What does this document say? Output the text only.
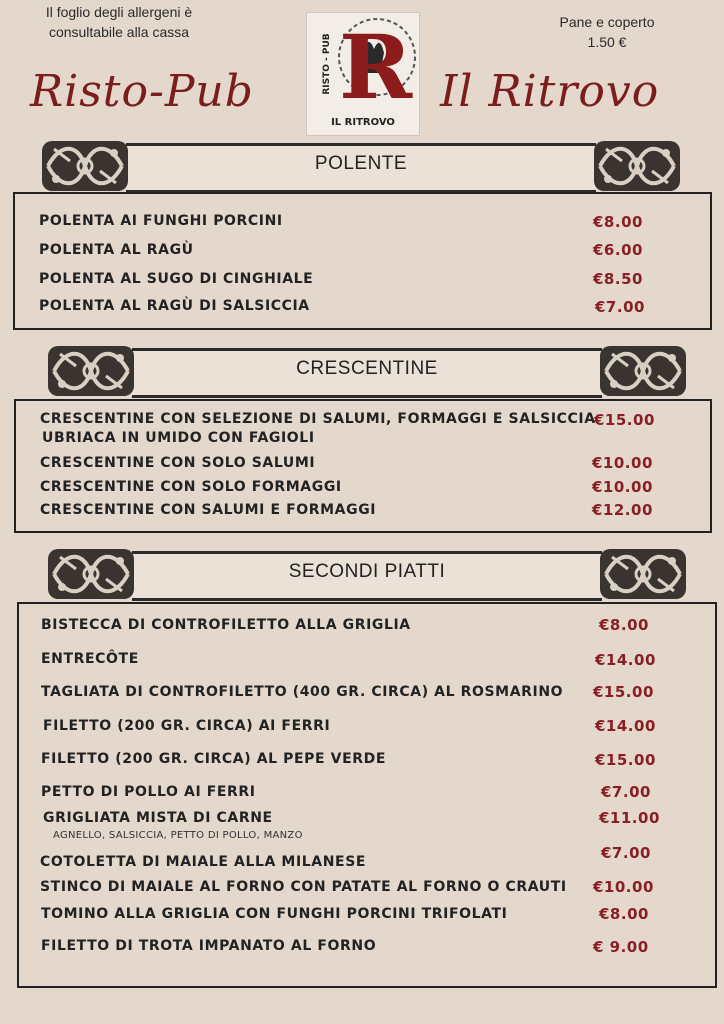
Il foglio degli allergeni è
consultabile alla cassa
Pane e coperto
1.50 €
Risto-Pub	Il Ritrovo
R
RISTO - PUB
IL RITROVO
POLENTE
POLENTA AI FUNGHI PORCINI	€8.00
POLENTA AL RAGÙ	€6.00
POLENTA AL SUGO DI CINGHIALE	€8.50
POLENTA AL RAGÙ DI SALSICCIA	€7.00
CRESCENTINE
CRESCENTINE CON SELEZIONE DI SALUMI, FORMAGGI E SALSICCIA
UBRIACA IN UMIDO CON FAGIOLI
€15.00
CRESCENTINE CON SOLO SALUMI	€10.00
CRESCENTINE CON SOLO FORMAGGI	€10.00
CRESCENTINE CON SALUMI E FORMAGGI	€12.00
SECONDI PIATTI
BISTECCA DI CONTROFILETTO ALLA GRIGLIA	€8.00
ENTRECÔTE	€14.00
TAGLIATA DI CONTROFILETTO (400 GR. CIRCA) AL ROSMARINO €15.00
FILETTO (200 GR. CIRCA) AI FERRI	€14.00
FILETTO (200 GR. CIRCA) AL PEPE VERDE	€15.00
PETTO DI POLLO AI FERRI	€7.00
GRIGLIATA MISTA DI CARNE
AGNELLO, SALSICCIA, PETTO DI POLLO, MANZO
€11.00
COTOLETTA DI MAIALE ALLA MILANESE	€7.00
STINCO DI MAIALE AL FORNO CON PATATE AL FORNO O CRAUTI €10.00
TOMINO ALLA GRIGLIA CON FUNGHI PORCINI TRIFOLATI	€8.00
FILETTO DI TROTA IMPANATO AL FORNO	€ 9.00
